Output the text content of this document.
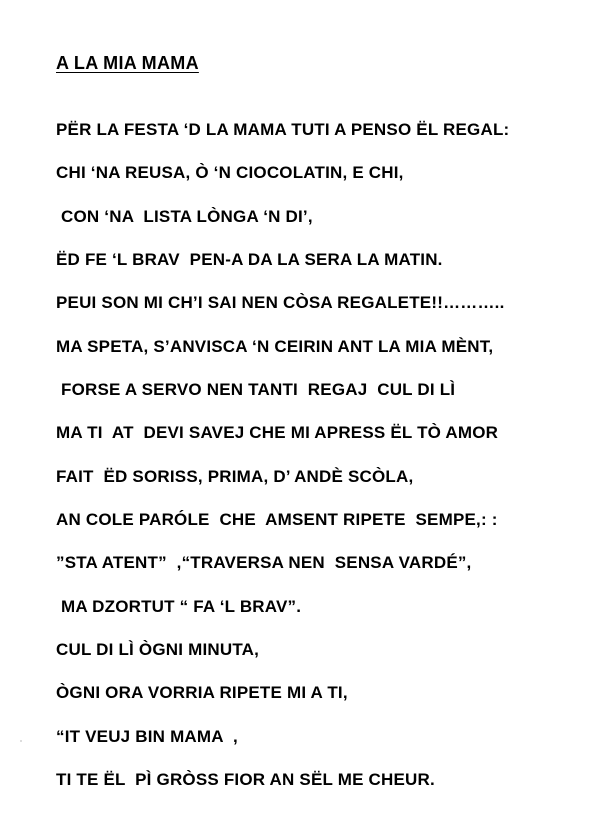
A LA MIA MAMA
PËR LA FESTA ‘D LA MAMA TUTI A PENSO ËL REGAL:
CHI ‘NA REUSA, Ò ‘N CIOCOLATIN, E CHI,
CON ‘NA  LISTA LÒNGA ‘N DI’,
ËD FE ‘L BRAV  PEN-A DA LA SERA LA MATIN.
PEUI SON MI CH’I SAI NEN CÒSA REGALETE!!………..
MA SPETA, S’ANVISCA ‘N CEIRIN ANT LA MIA MÈNT,
FORSE A SERVO NEN TANTI  REGAJ  CUL DI LÌ
MA TI  AT  DEVI SAVEJ CHE MI APRESS ËL TÒ AMOR
FAIT  ËD SORISS, PRIMA, D’ ANDÈ SCÒLA,
AN COLE PARÓLE  CHE  AMSENT RIPETE  SEMPE,: :
”STA ATENT”  ,“TRAVERSA NEN  SENSA VARDÉ”,
MA DZORTUT “ FA ‘L BRAV”.
CUL DI LÌ ÒGNI MINUTA,
ÒGNI ORA VORRIA RIPETE MI A TI,
“IT VEUJ BIN MAMA  ,
TI TE ËL  PÌ GRÒSS FIOR AN SËL ME CHEUR.
